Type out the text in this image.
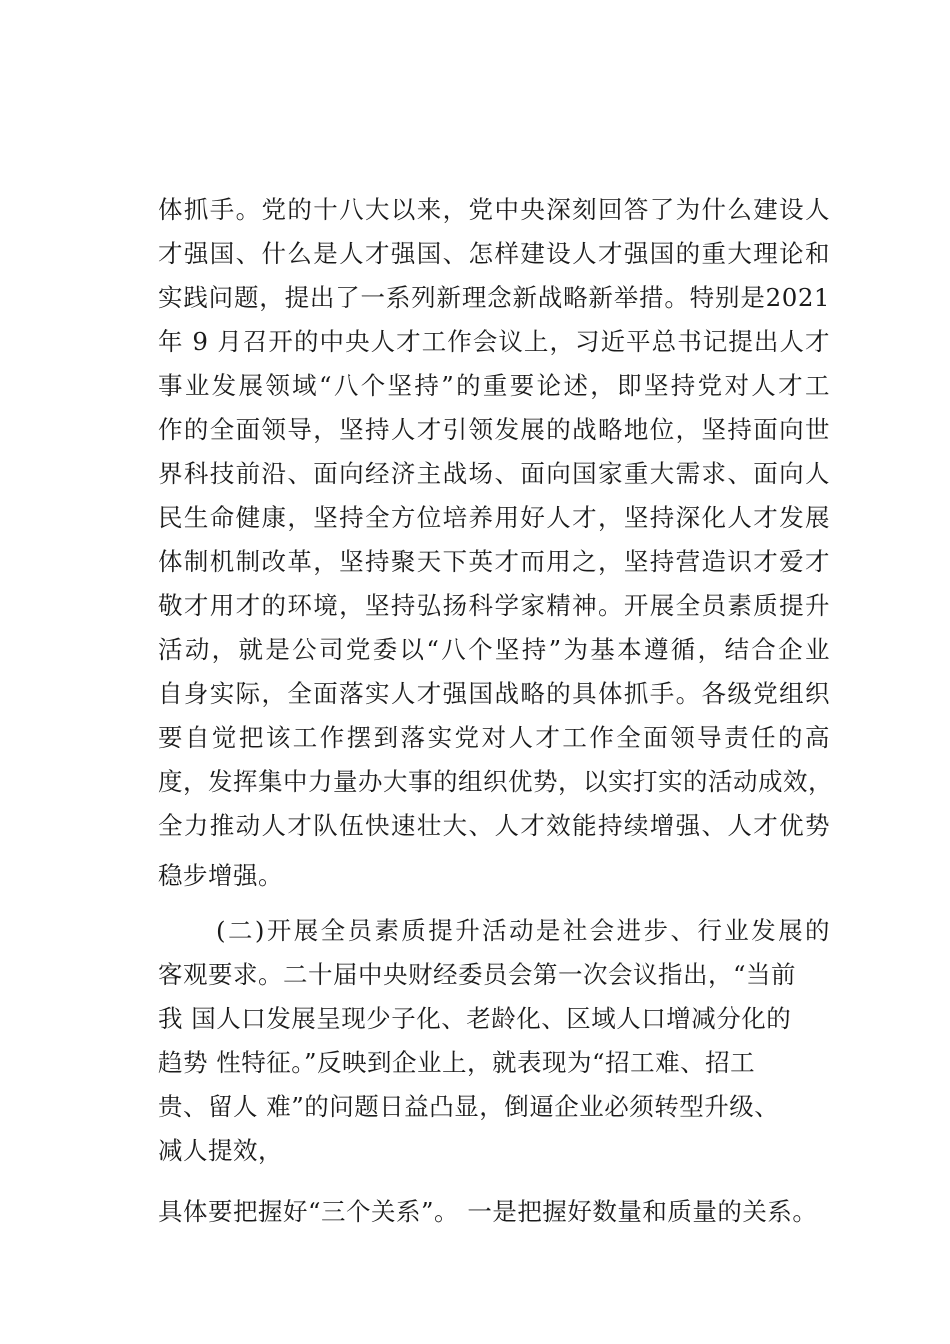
体抓手。党的十八大以来，党中央深刻回答了为什么建设人
才强国、什么是人才强国、怎样建设人才强国的重大理论和
实践问题，提出了一系列新理念新战略新举措。特别是2021
年 9 月召开的中央人才工作会议上，习近平总书记提出人才
事业发展领域“八个坚持”的重要论述，即坚持党对人才工
作的全面领导，坚持人才引领发展的战略地位，坚持面向世
界科技前沿、面向经济主战场、面向国家重大需求、面向人
民生命健康，坚持全方位培养用好人才，坚持深化人才发展
体制机制改革，坚持聚天下英才而用之，坚持营造识才爱才
敬才用才的环境，坚持弘扬科学家精神。开展全员素质提升
活动，就是公司党委以“八个坚持”为基本遵循，结合企业
自身实际，全面落实人才强国战略的具体抓手。各级党组织
要自觉把该工作摆到落实党对人才工作全面领导责任的高
度，发挥集中力量办大事的组织优势，以实打实的活动成效，
全力推动人才队伍快速壮大、人才效能持续增强、人才优势
稳步增强。
(二)开展全员素质提升活动是社会进步、行业发展的
客观要求。二十届中央财经委员会第一次会议指出，“当前
我 国人口发展呈现少子化、老龄化、区域人口增减分化的
趋势 性特征。”反映到企业上，就表现为“招工难、招工
贵、留人 难”的问题日益凸显，倒逼企业必须转型升级、
减人提效，
具体要把握好“三个关系”。 一是把握好数量和质量的关系。
